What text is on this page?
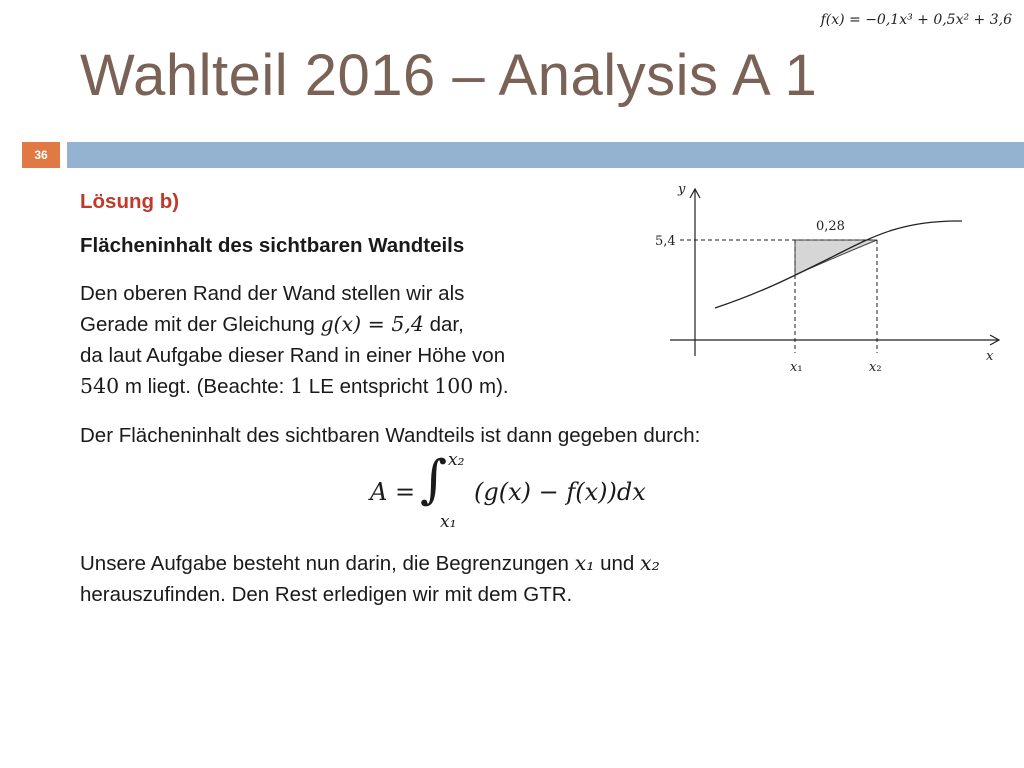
𝑓(𝑥) = −0,1𝑥³ + 0,5𝑥² + 3,6
Wahlteil 2016 – Analysis A 1
36
Lösung b)
Flächeninhalt des sichtbaren Wandteils
Den oberen Rand der Wand stellen wir als
Gerade mit der Gleichung 𝑔(𝑥) = 5,4 dar,
da laut Aufgabe dieser Rand in einer Höhe von
540 m liegt. (Beachte: 1 LE entspricht 100 m).
Der Flächeninhalt des sichtbaren Wandteils ist dann gegeben durch:
𝐴 = ∫ 𝑥₂
𝑥₁
(𝑔(𝑥) − 𝑓(𝑥))𝑑𝑥
Unsere Aufgabe besteht nun darin, die Begrenzungen 𝑥₁ und 𝑥₂
herauszufinden. Den Rest erledigen wir mit dem GTR.
𝑦
𝑥
5,4
0,28
𝑥₁	𝑥₂
